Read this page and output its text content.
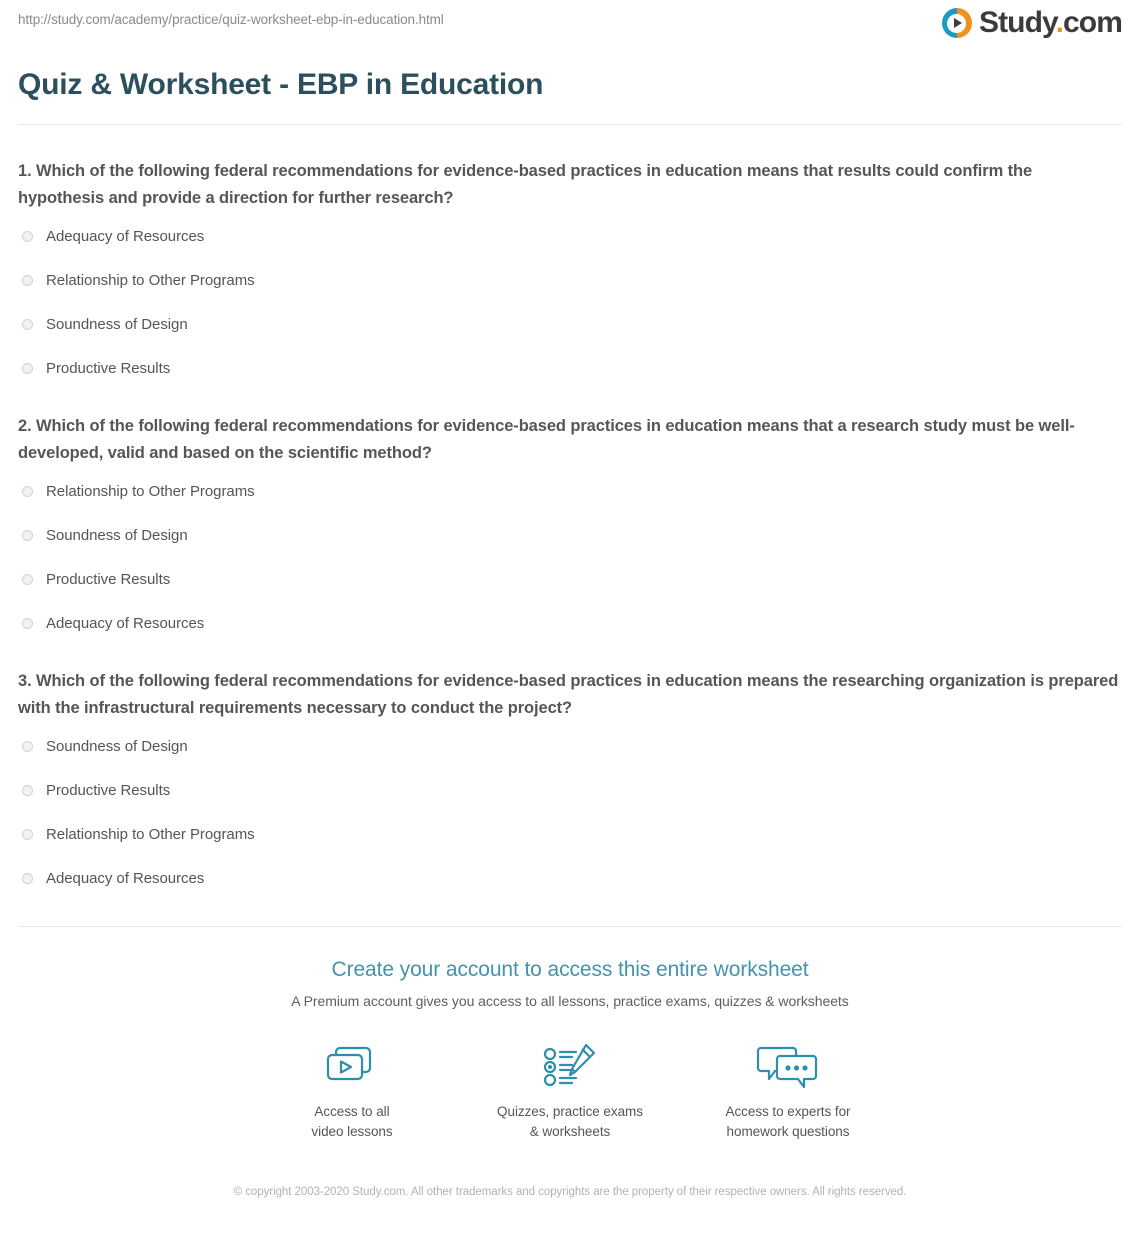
http://study.com/academy/practice/quiz-worksheet-ebp-in-education.html	Study.com
Quiz & Worksheet - EBP in Education

1. Which of the following federal recommendations for evidence-based practices in education means that results could confirm the hypothesis and provide a direction for further research?

Adequacy of Resources
Relationship to Other Programs
Soundness of Design
Productive Results

2. Which of the following federal recommendations for evidence-based practices in education means that a research study must be well-developed, valid and based on the scientific method?

Relationship to Other Programs
Soundness of Design
Productive Results
Adequacy of Resources

3. Which of the following federal recommendations for evidence-based practices in education means the researching organization is prepared with the infrastructural requirements necessary to conduct the project?

Soundness of Design
Productive Results
Relationship to Other Programs
Adequacy of Resources
Create your account to access this entire worksheet

A Premium account gives you access to all lessons, practice exams, quizzes & worksheets

Access to all
video lessons
Quizzes, practice exams
& worksheets
Access to experts for
homework questions
© copyright 2003-2020 Study.com. All other trademarks and copyrights are the property of their respective owners. All rights reserved.
